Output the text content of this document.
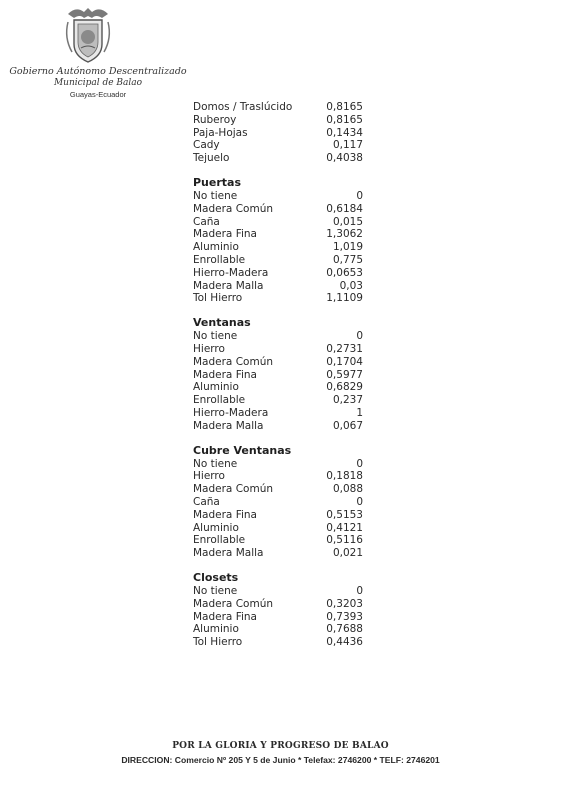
Gobierno Autónomo Descentralizado
Municipal de Balao
Guayas-Ecuador
Domos / Traslúcido	0,8165
Ruberoy	0,8165
Paja-Hojas	0,1434
Cady	0,117
Tejuelo	0,4038
Puertas
No tiene	0
Madera Común	0,6184
Caña	0,015
Madera Fina	1,3062
Aluminio	1,019
Enrollable	0,775
Hierro-Madera	0,0653
Madera Malla	0,03
Tol Hierro	1,1109
Ventanas
No tiene	0
Hierro	0,2731
Madera Común	0,1704
Madera Fina	0,5977
Aluminio	0,6829
Enrollable	0,237
Hierro-Madera	1
Madera Malla	0,067
Cubre Ventanas
No tiene	0
Hierro	0,1818
Madera Común	0,088
Caña	0
Madera Fina	0,5153
Aluminio	0,4121
Enrollable	0,5116
Madera Malla	0,021
Closets
No tiene	0
Madera Común	0,3203
Madera Fina	0,7393
Aluminio	0,7688
Tol Hierro	0,4436
POR LA GLORIA Y PROGRESO DE BALAO
DIRECCION: Comercio Nº 205 Y 5 de Junio * Telefax: 2746200 * TELF: 2746201
